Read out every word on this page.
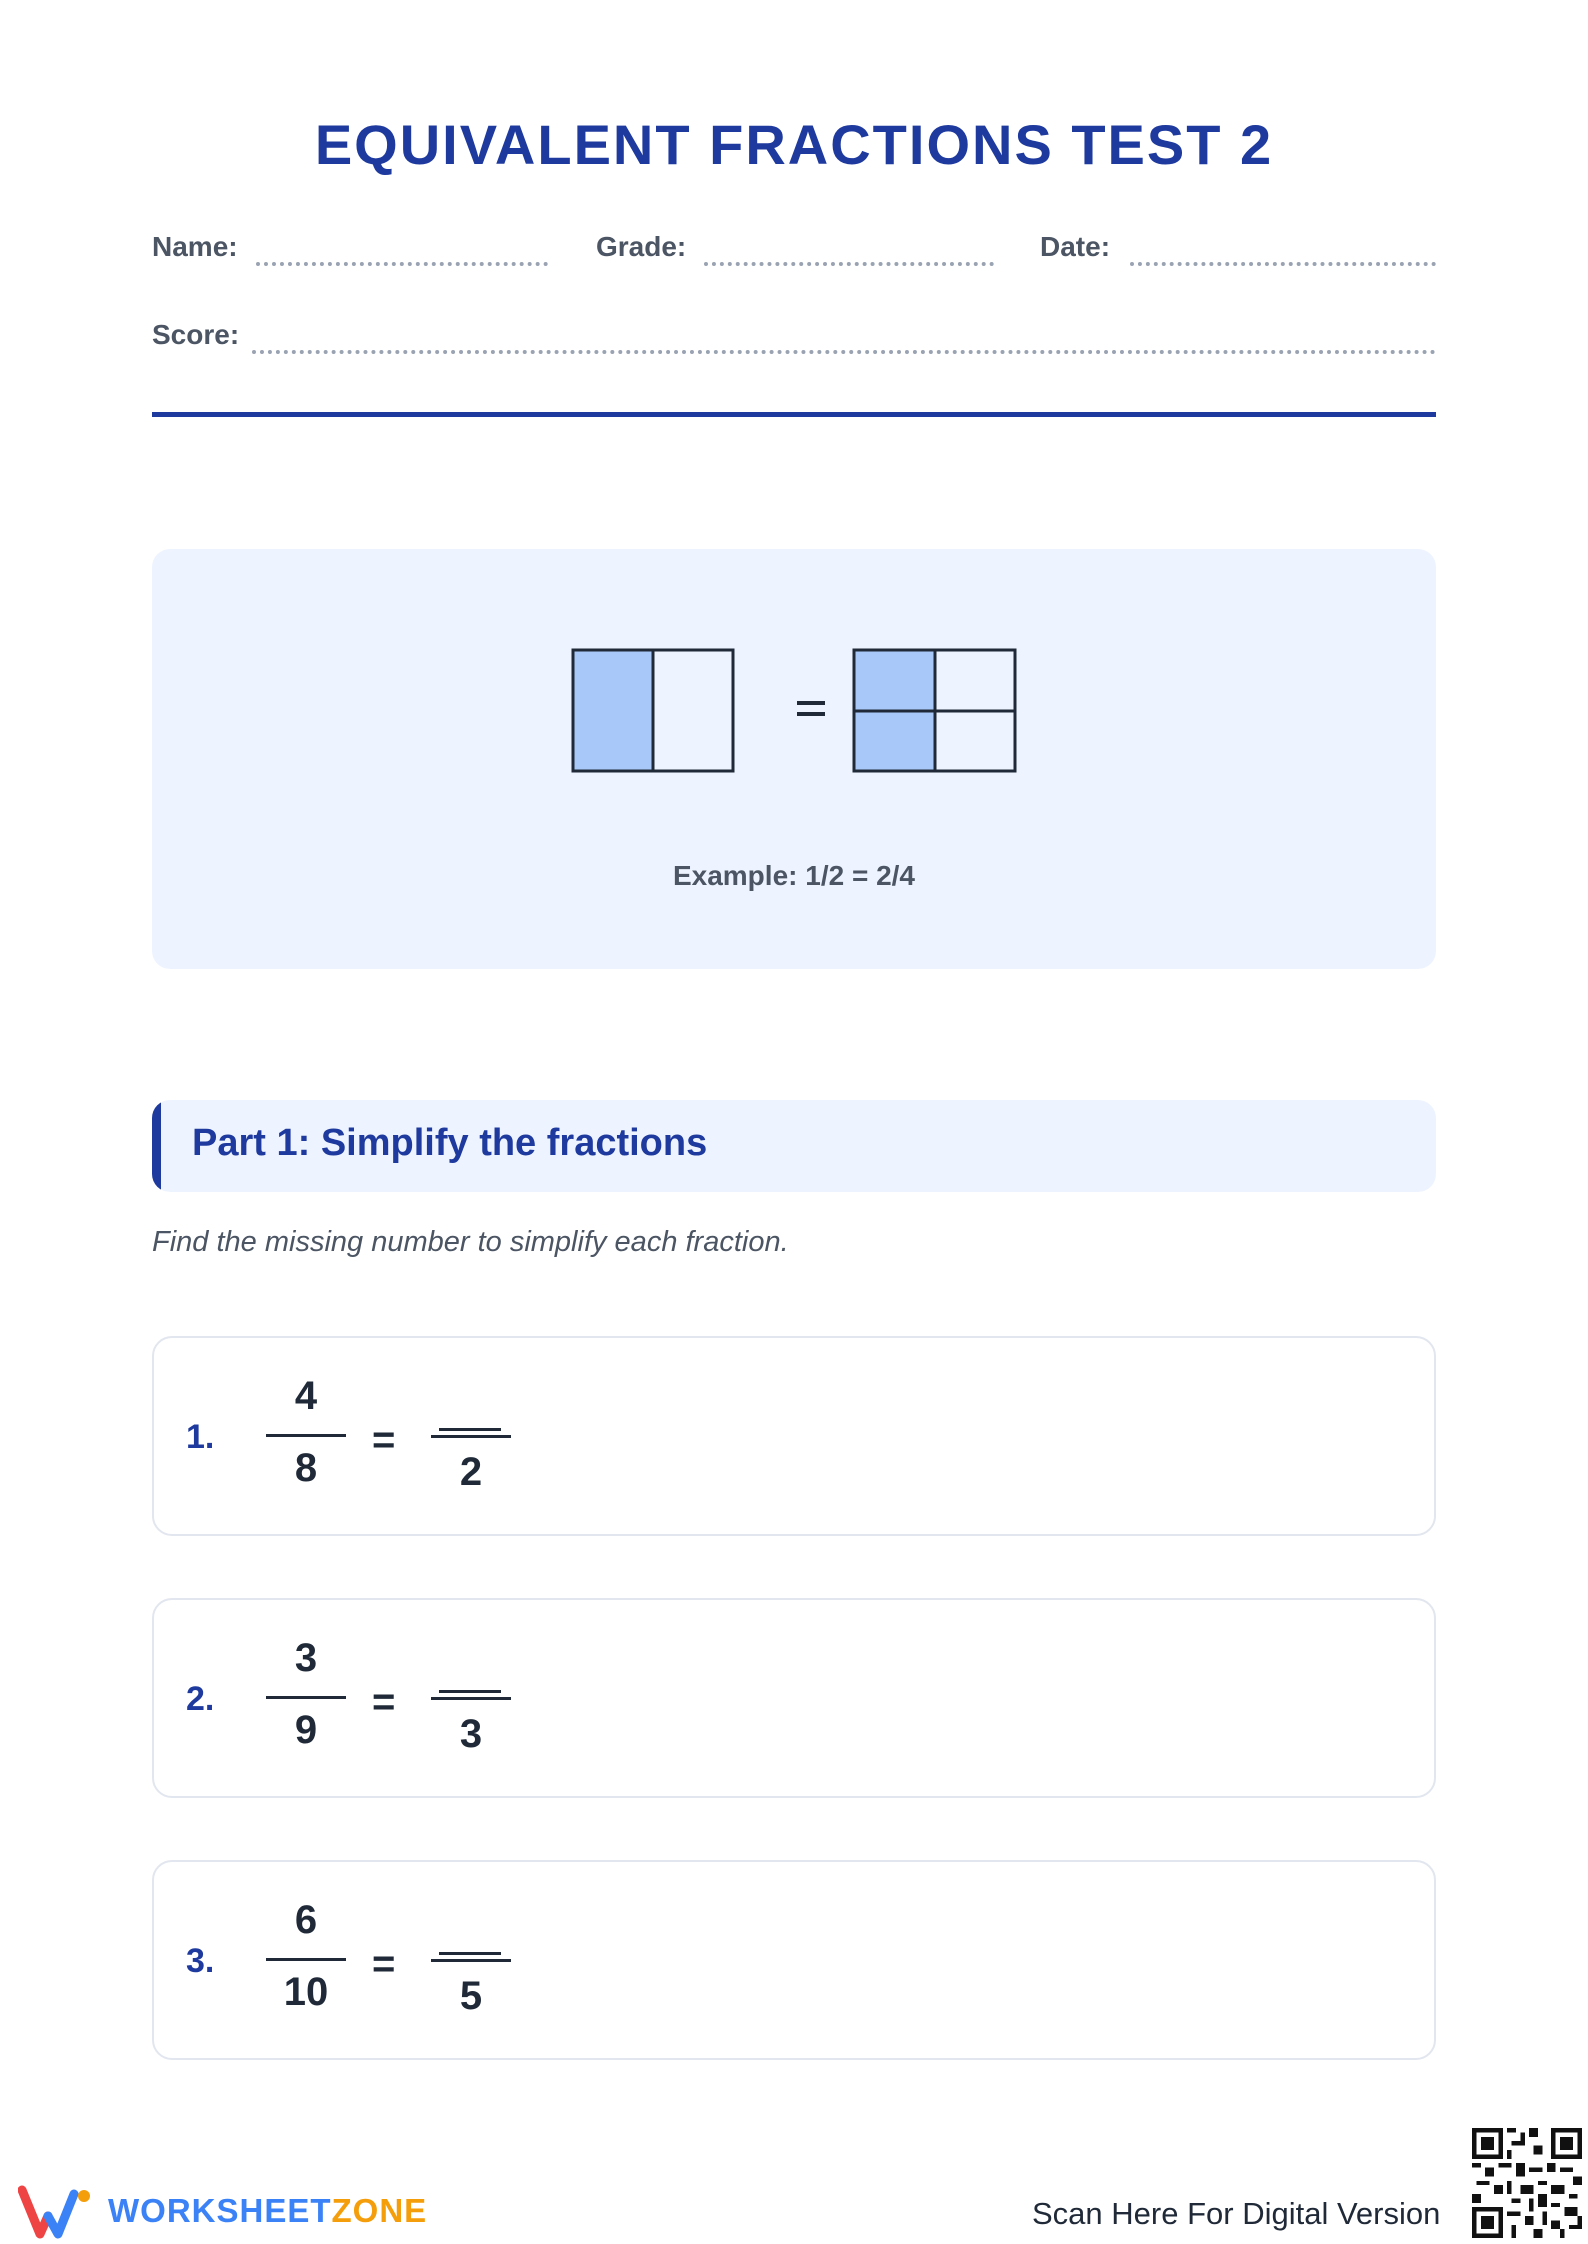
EQUIVALENT FRACTIONS TEST 2
Name:	Grade:	Date:
Score:
Example: 1/2 = 2/4
Part 1: Simplify the fractions
Find the missing number to simplify each fraction.
1.
4
8
=
2
2.
3
9
=
3
3.
6
10
=
5
WORKSHEETZONE	Scan Here For Digital Version
